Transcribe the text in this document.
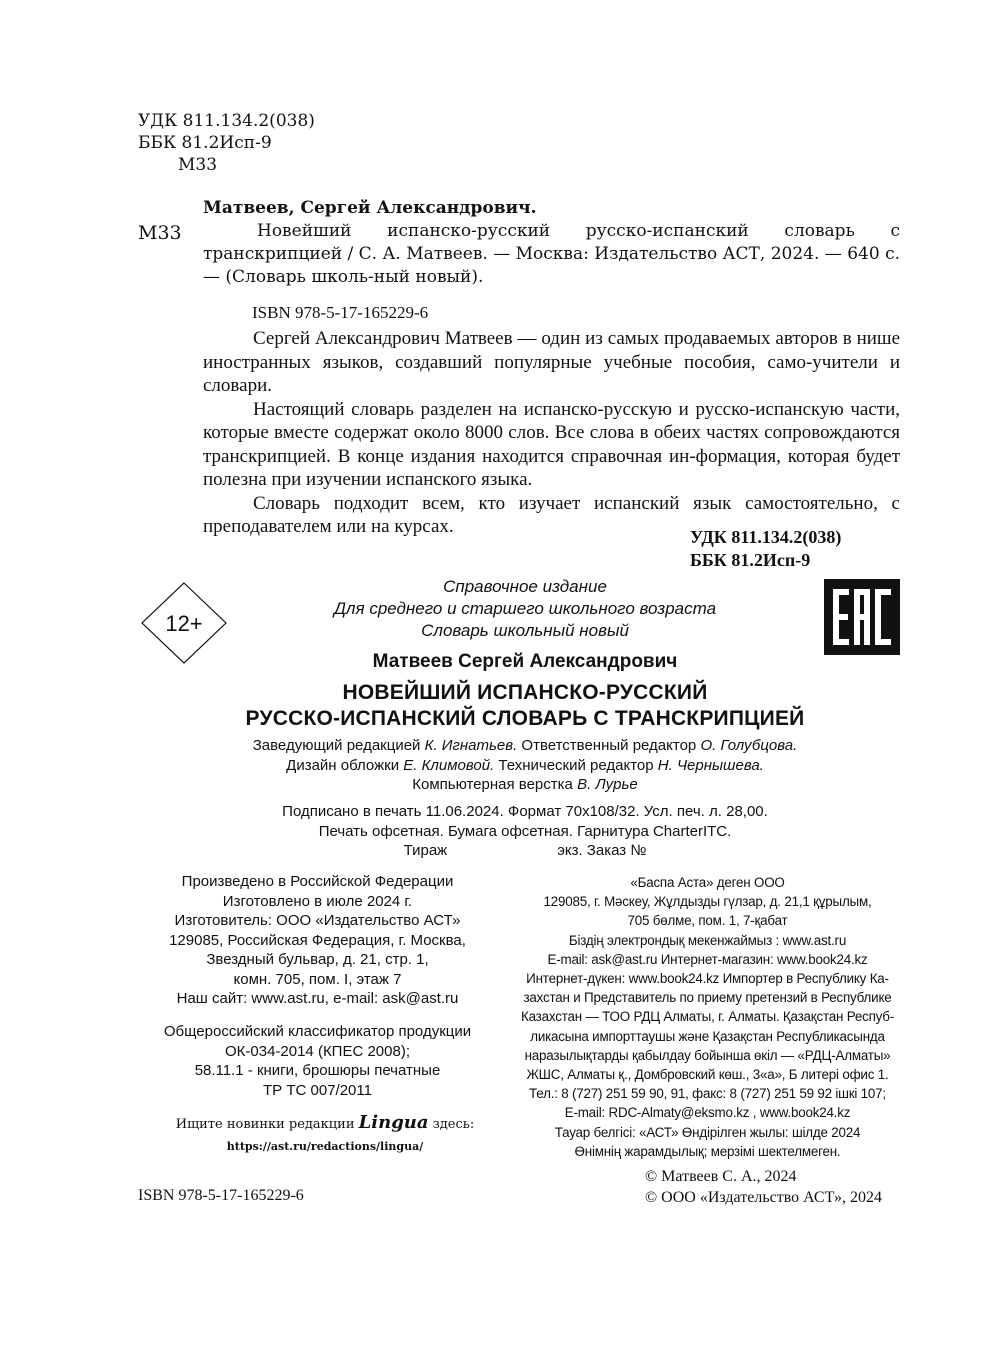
УДК 811.134.2(038)
ББК 81.2Исп-9
М33
Матвеев, Сергей Александрович.
М33	Новейший испанско-русский русско-испанский словарь с транскрипцией / С. А. Матвеев. — Москва: Издательство АСТ, 2024. — 640 с. — (Словарь школь-ный новый).
ISBN 978-5-17-165229-6

Сергей Александрович Матвеев — один из самых продаваемых авторов в нише иностранных языков, создавший популярные учебные пособия, само-учители и словари.

Настоящий словарь разделен на испанско-русскую и русско-испанскую части, которые вместе содержат около 8000 слов. Все слова в обеих частях сопровождаются транскрипцией. В конце издания находится справочная ин-формация, которая будет полезна при изучении испанского языка.

Словарь подходит всем, кто изучает испанский язык самостоятельно, с преподавателем или на курсах.	УДК 811.134.2(038)
ББК 81.2Исп-9
12+
Справочное издание
Для среднего и старшего школьного возраста
Словарь школьный новый
Матвеев Сергей Александрович
НОВЕЙШИЙ ИСПАНСКО-РУССКИЙ
РУССКО-ИСПАНСКИЙ СЛОВАРЬ С ТРАНСКРИПЦИЕЙ
Заведующий редакцией К. Игнатьев. Ответственный редактор О. Голубцова.
Дизайн обложки Е. Климовой. Технический редактор Н. Чернышева.
Компьютерная верстка В. Лурье
Подписано в печать 11.06.2024. Формат 70x108/32. Усл. печ. л. 28,00.
Печать офсетная. Бумага офсетная. Гарнитура CharterITC.
Тираж	экз. Заказ №
Произведено в Российской Федерации
Изготовлено в июле 2024 г.
Изготовитель: ООО «Издательство АСТ»
129085, Российская Федерация, г. Москва,
Звездный бульвар, д. 21, стр. 1,
комн. 705, пом. I, этаж 7
Наш сайт: www.ast.ru, e-mail: ask@ast.ru
Общероссийский классификатор продукции
ОК-034-2014 (КПЕС 2008);
58.11.1 - книги, брошюры печатные
ТР ТС 007/2011
Ищите новинки редакции Lingua здесь:
https://ast.ru/redactions/lingua/
«Баспа Аста» деген ООО
129085, г. Мәскеу, Жұлдызды гүлзар, д. 21,1 құрылым,
705 бөлме, пом. 1, 7-қабат
Біздің электрондық мекенжаймыз : www.ast.ru
E-mail: ask@ast.ru Интернет-магазин: www.book24.kz
Интернет-дүкен: www.book24.kz Импортер в Республику Ка-
захстан и Представитель по приему претензий в Республике
Казахстан — ТОО РДЦ Алматы, г. Алматы. Қазақстан Респуб-
ликасына импорттаушы және Қазақстан Республикасында
наразылықтарды қабылдау бойынша өкіл — «РДЦ-Алматы»
ЖШС, Алматы қ., Домбровский көш., 3«а», Б литері офис 1.
Тел.: 8 (727) 251 59 90, 91, факс: 8 (727) 251 59 92 ішкі 107;
E-mail: RDC-Almaty@eksmo.kz , www.book24.kz
Тауар белгісі: «АСТ» Өндірілген жылы: шілде 2024
Өнімнің жарамдылық; мерзімі шектелмеген.
© Матвеев С. А., 2024
© ООО «Издательство АСТ», 2024
ISBN 978-5-17-165229-6
